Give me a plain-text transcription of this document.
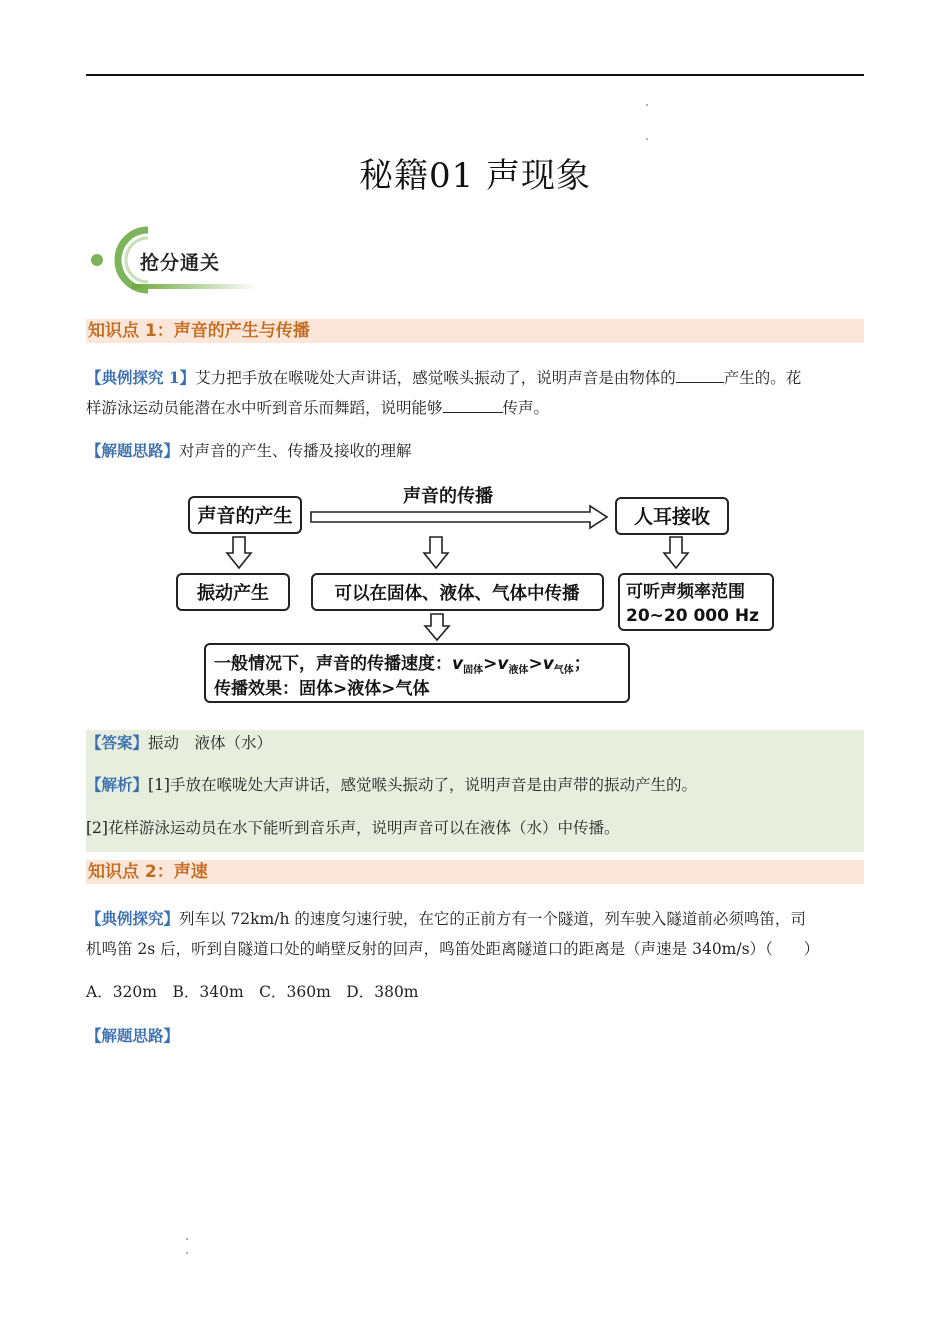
秘籍01 声现象
抢分通关
知识点 1：声音的产生与传播
【典例探究 1】艾力把手放在喉咙处大声讲话，感觉喉头振动了，说明声音是由物体的	产生的。花
样游泳运动员能潜在水中听到音乐而舞蹈，说明能够	传声。
【解题思路】对声音的产生、传播及接收的理解
声音的产生
声音的传播
人耳接收
振动产生	可以在固体、液体、气体中传播	可听声频率范围
20~20 000 Hz
一般情况下，声音的传播速度：$v_{固体}>v_{液体}>v_{气体}$；
传播效果：固体>液体>气体
【答案】振动　液体（水）
【解析】[1]手放在喉咙处大声讲话，感觉喉头振动了，说明声音是由声带的振动产生的。
[2]花样游泳运动员在水下能听到音乐声，说明声音可以在液体（水）中传播。
知识点 2：声速
【典例探究】列车以 72km/h 的速度匀速行驶，在它的正前方有一个隧道，列车驶入隧道前必须鸣笛，司
机鸣笛 2s 后，听到自隧道口处的峭壁反射的回声，鸣笛处距离隧道口的距离是（声速是 340m/s）（　　）
A．320m　B．340m　C．360m　D．380m
【解题思路】
